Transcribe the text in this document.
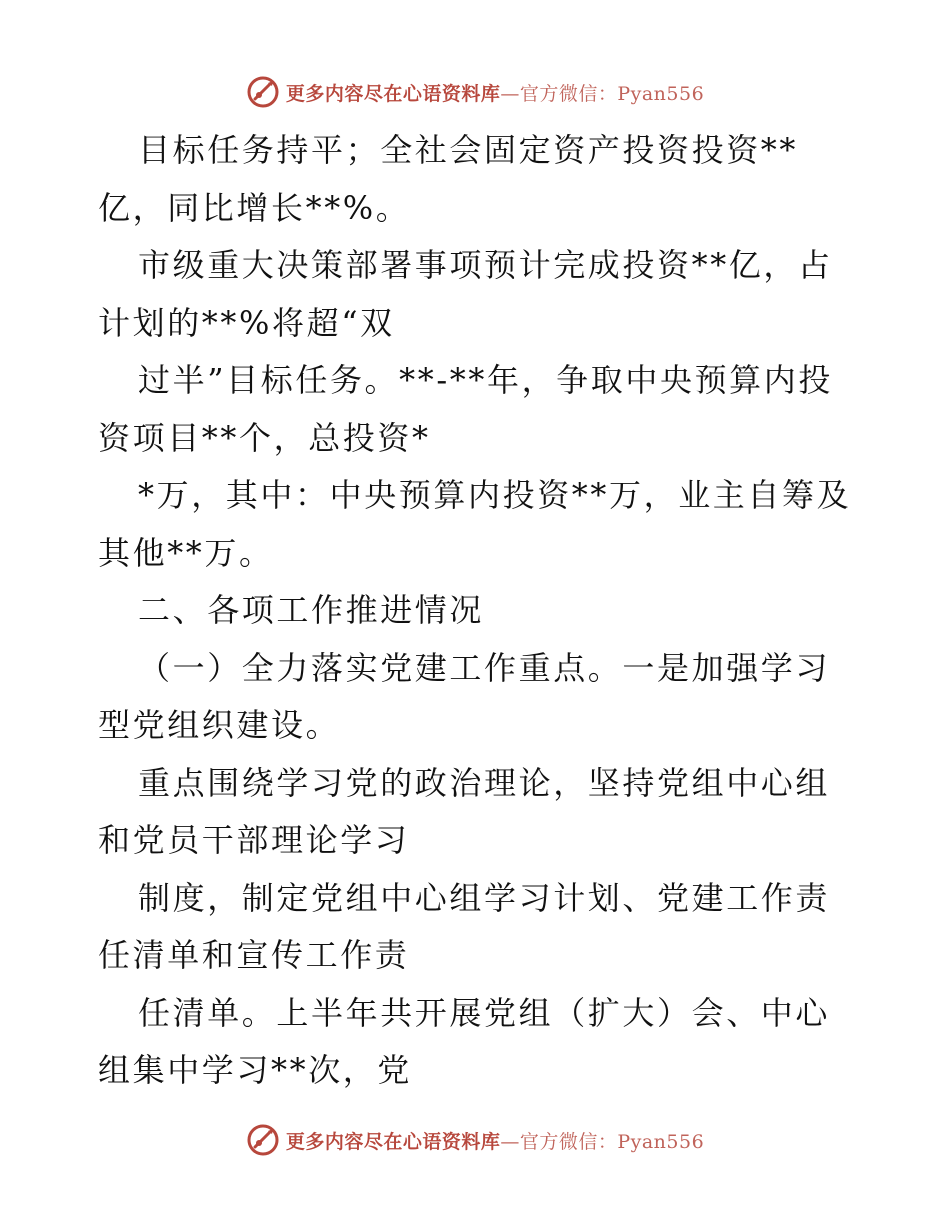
更多内容尽在心语资料库—官方微信：Pyan556

目标任务持平；全社会固定资产投资投资**亿，同比增长**%。

市级重大决策部署事项预计完成投资**亿，占计划的**%将超“双

过半”目标任务。**-**年，争取中央预算内投资项目**个，总投资*

*万，其中：中央预算内投资**万，业主自筹及其他**万。

二、各项工作推进情况

（一）全力落实党建工作重点。一是加强学习型党组织建设。

重点围绕学习党的政治理论，坚持党组中心组和党员干部理论学习

制度，制定党组中心组学习计划、党建工作责任清单和宣传工作责

任清单。上半年共开展党组（扩大）会、中心组集中学习**次，党

更多内容尽在心语资料库—官方微信：Pyan556
